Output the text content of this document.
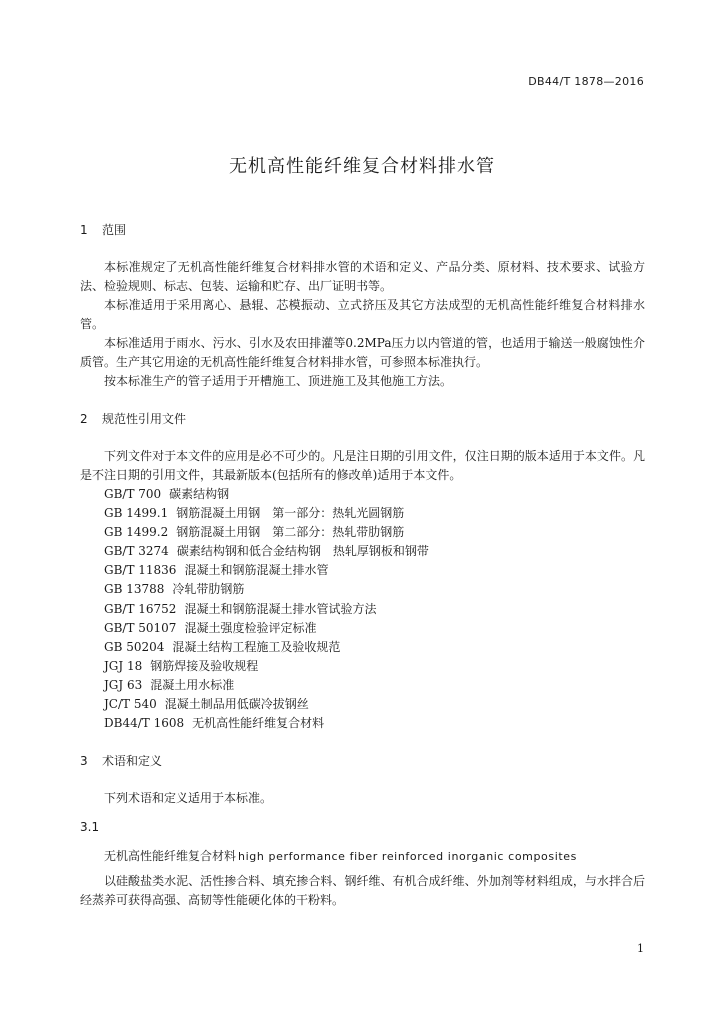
DB44/T 1878—2016
无机高性能纤维复合材料排水管
1 范围

本标准规定了无机高性能纤维复合材料排水管的术语和定义、产品分类、原材料、技术要求、试验方法、检验规则、标志、包装、运输和贮存、出厂证明书等。

本标准适用于采用离心、悬辊、芯模振动、立式挤压及其它方法成型的无机高性能纤维复合材料排水管。

本标准适用于雨水、污水、引水及农田排灌等0.2MPa压力以内管道的管，也适用于输送一般腐蚀性介质管。生产其它用途的无机高性能纤维复合材料排水管，可参照本标准执行。

按本标准生产的管子适用于开槽施工、顶进施工及其他施工方法。

2 规范性引用文件

下列文件对于本文件的应用是必不可少的。凡是注日期的引用文件，仅注日期的版本适用于本文件。凡是不注日期的引用文件，其最新版本(包括所有的修改单)适用于本文件。

GB/T 700 碳素结构钢
GB 1499.1 钢筋混凝土用钢　第一部分：热轧光圆钢筋
GB 1499.2 钢筋混凝土用钢　第二部分：热轧带肋钢筋
GB/T 3274 碳素结构钢和低合金结构钢　热轧厚钢板和钢带
GB/T 11836 混凝土和钢筋混凝土排水管
GB 13788 冷轧带肋钢筋
GB/T 16752 混凝土和钢筋混凝土排水管试验方法
GB/T 50107 混凝土强度检验评定标准
GB 50204 混凝土结构工程施工及验收规范
JGJ 18 钢筋焊接及验收规程
JGJ 63 混凝土用水标准
JC/T 540 混凝土制品用低碳冷拔钢丝
DB44/T 1608 无机高性能纤维复合材料
3 术语和定义

下列术语和定义适用于本标准。

3.1
无机高性能纤维复合材料 high performance fiber reinforced inorganic composites

以硅酸盐类水泥、活性掺合料、填充掺合料、钢纤维、有机合成纤维、外加剂等材料组成，与水拌合后经蒸养可获得高强、高韧等性能硬化体的干粉料。

1
